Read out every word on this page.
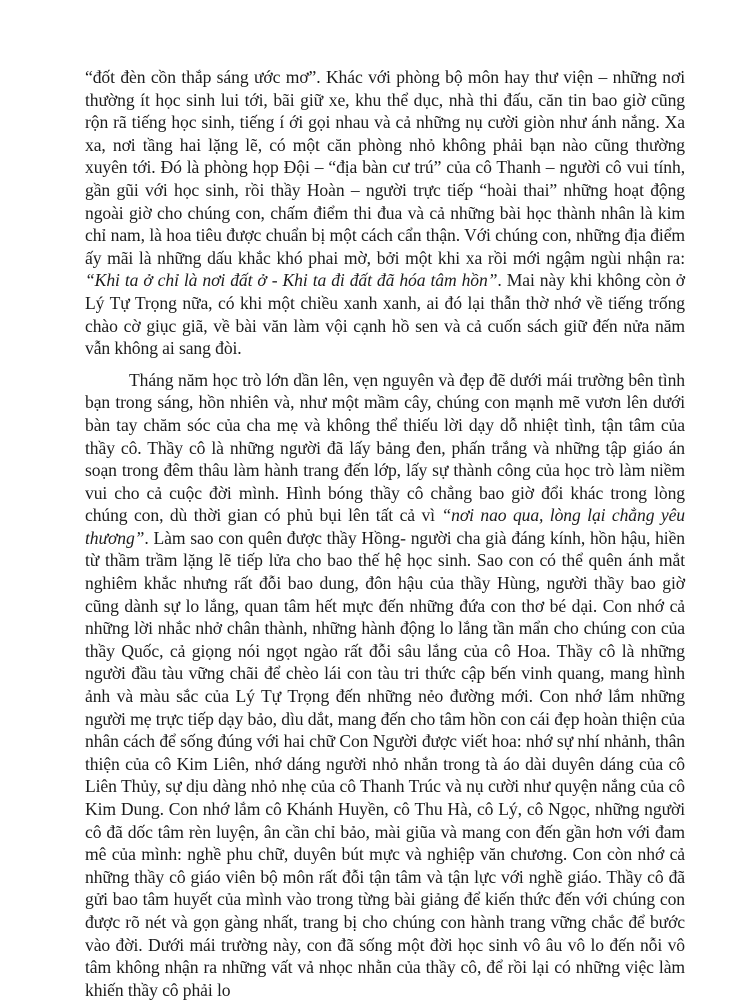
“đốt đèn cồn thắp sáng ước mơ”. Khác với phòng bộ môn hay thư viện – những nơi thường ít học sinh lui tới, bãi giữ xe, khu thể dục, nhà thi đấu, căn tin bao giờ cũng rộn rã tiếng học sinh, tiếng í ới gọi nhau và cả những nụ cười giòn như ánh nắng. Xa xa, nơi tầng hai lặng lẽ, có một căn phòng nhỏ không phải bạn nào cũng thường xuyên tới. Đó là phòng họp Đội – “địa bàn cư trú” của cô Thanh – người cô vui tính, gần gũi với học sinh, rồi thầy Hoàn – người trực tiếp “hoài thai” những hoạt động ngoài giờ cho chúng con, chấm điểm thi đua và cả những bài học thành nhân là kim chỉ nam, là hoa tiêu được chuẩn bị một cách cẩn thận. Với chúng con, những địa điểm ấy mãi là những dấu khắc khó phai mờ, bởi một khi xa rồi mới ngậm ngùi nhận ra: “Khi ta ở chỉ là nơi đất ở - Khi ta đi đất đã hóa tâm hồn”. Mai này khi không còn ở Lý Tự Trọng nữa, có khi một chiều xanh xanh, ai đó lại thẫn thờ nhớ về tiếng trống chào cờ giục giã, về bài văn làm vội cạnh hồ sen và cả cuốn sách giữ đến nửa năm vẫn không ai sang đòi.

Tháng năm học trò lớn dần lên, vẹn nguyên và đẹp đẽ dưới mái trường bên tình bạn trong sáng, hồn nhiên và, như một mầm cây, chúng con mạnh mẽ vươn lên dưới bàn tay chăm sóc của cha mẹ và không thể thiếu lời dạy dỗ nhiệt tình, tận tâm của thầy cô. Thầy cô là những người đã lấy bảng đen, phấn trắng và những tập giáo án soạn trong đêm thâu làm hành trang đến lớp, lấy sự thành công của học trò làm niềm vui cho cả cuộc đời mình. Hình bóng thầy cô chẳng bao giờ đổi khác trong lòng chúng con, dù thời gian có phủ bụi lên tất cả vì “nơi nao qua, lòng lại chẳng yêu thương”. Làm sao con quên được thầy Hồng- người cha già đáng kính, hồn hậu, hiền từ thầm trầm lặng lẽ tiếp lửa cho bao thế hệ học sinh. Sao con có thể quên ánh mắt nghiêm khắc nhưng rất đỗi bao dung, đôn hậu của thầy Hùng, người thầy bao giờ cũng dành sự lo lắng, quan tâm hết mực đến những đứa con thơ bé dại. Con nhớ cả những lời nhắc nhở chân thành, những hành động lo lắng tần mẩn cho chúng con của thầy Quốc, cả giọng nói ngọt ngào rất đỗi sâu lắng của cô Hoa. Thầy cô là những người đầu tàu vững chãi để chèo lái con tàu tri thức cập bến vinh quang, mang hình ảnh và màu sắc của Lý Tự Trọng đến những nẻo đường mới. Con nhớ lắm những người mẹ trực tiếp dạy bảo, dìu dắt, mang đến cho tâm hồn con cái đẹp hoàn thiện của nhân cách để sống đúng với hai chữ Con Người được viết hoa: nhớ sự nhí nhảnh, thân thiện của cô Kim Liên, nhớ dáng người nhỏ nhắn trong tà áo dài duyên dáng của cô Liên Thủy, sự dịu dàng nhỏ nhẹ của cô Thanh Trúc và nụ cười như quyện nắng của cô Kim Dung. Con nhớ lắm cô Khánh Huyền, cô Thu Hà, cô Lý, cô Ngọc, những người cô đã dốc tâm rèn luyện, ân cần chỉ bảo, mài giũa và mang con đến gần hơn với đam mê của mình: nghề phu chữ, duyên bút mực và nghiệp văn chương. Con còn nhớ cả những thầy cô giáo viên bộ môn rất đỗi tận tâm và tận lực với nghề giáo. Thầy cô đã gửi bao tâm huyết của mình vào trong từng bài giảng để kiến thức đến với chúng con được rõ nét và gọn gàng nhất, trang bị cho chúng con hành trang vững chắc để bước vào đời. Dưới mái trường này, con đã sống một đời học sinh vô âu vô lo đến nỗi vô tâm không nhận ra những vất vả nhọc nhằn của thầy cô, để rồi lại có những việc làm khiến thầy cô phải lo
